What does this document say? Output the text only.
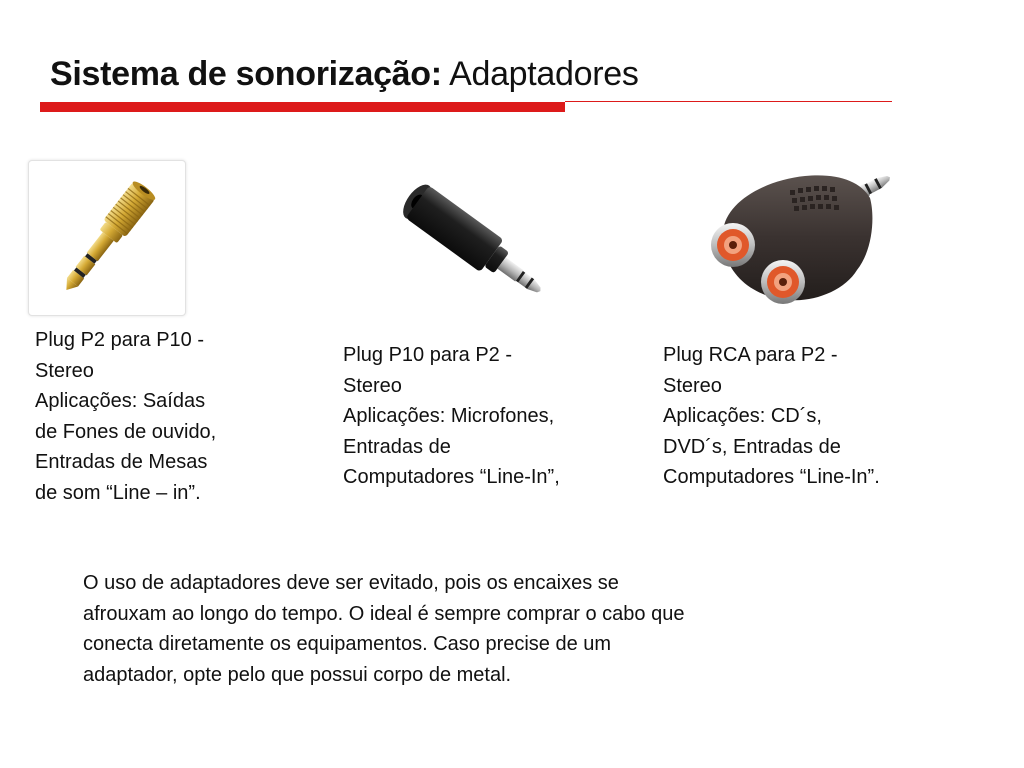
Sistema de sonorização: Adaptadores
Plug P2 para P10 -
Stereo
Aplicações: Saídas
de Fones de ouvido,
Entradas de Mesas
de som “Line – in”.
Plug P10 para P2 -
Stereo
Aplicações: Microfones,
Entradas de
Computadores “Line-In”,
Plug RCA para P2 -
Stereo
Aplicações: CD´s,
DVD´s, Entradas de
Computadores “Line-In”.
O uso de adaptadores deve ser evitado, pois os encaixes se
afrouxam ao longo do tempo. O ideal é sempre comprar o cabo que
conecta diretamente os equipamentos. Caso precise de um
adaptador, opte pelo que possui corpo de metal.
